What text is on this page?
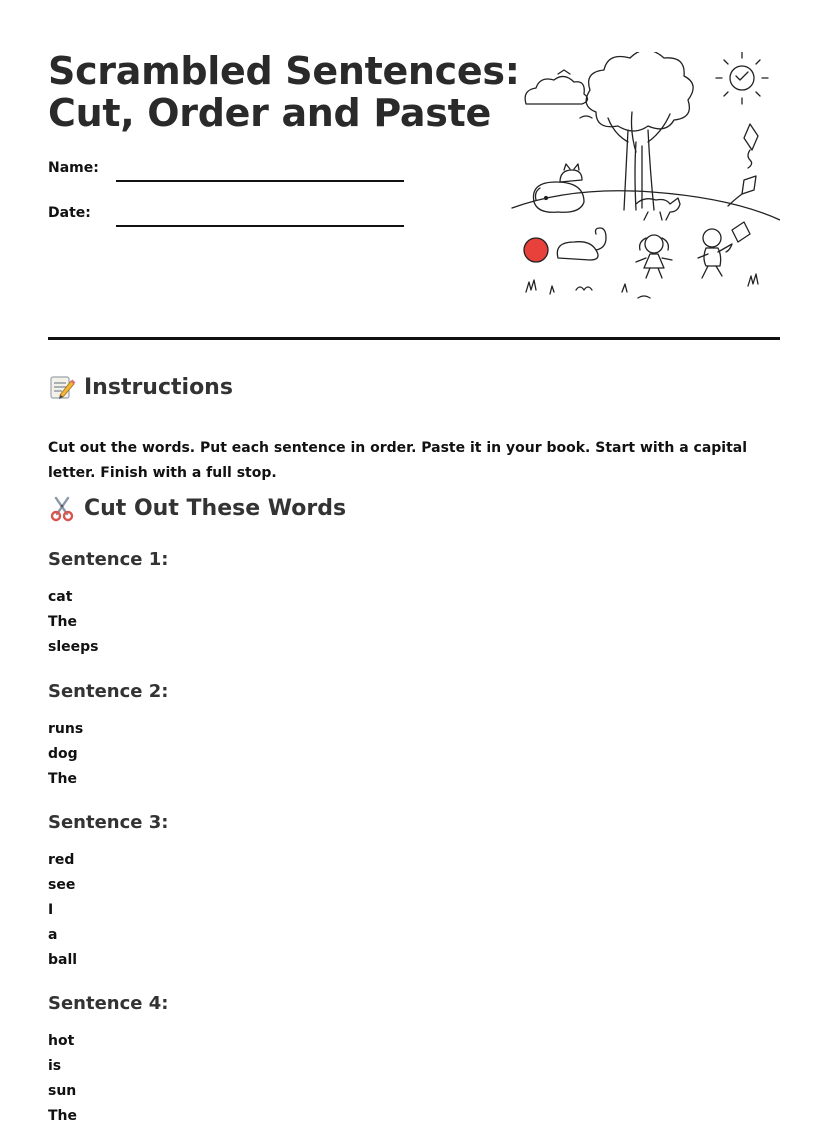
Scrambled Sentences:
Cut, Order and Paste
Name:
Date:
Instructions

Cut out the words. Put each sentence in order. Paste it in your book. Start with a capital letter. Finish with a full stop.

Cut Out These Words
Sentence 1:
cat
The
sleeps
Sentence 2:
runs
dog
The
Sentence 3:
red
see
I
a
ball
Sentence 4:
hot
is
sun
The
